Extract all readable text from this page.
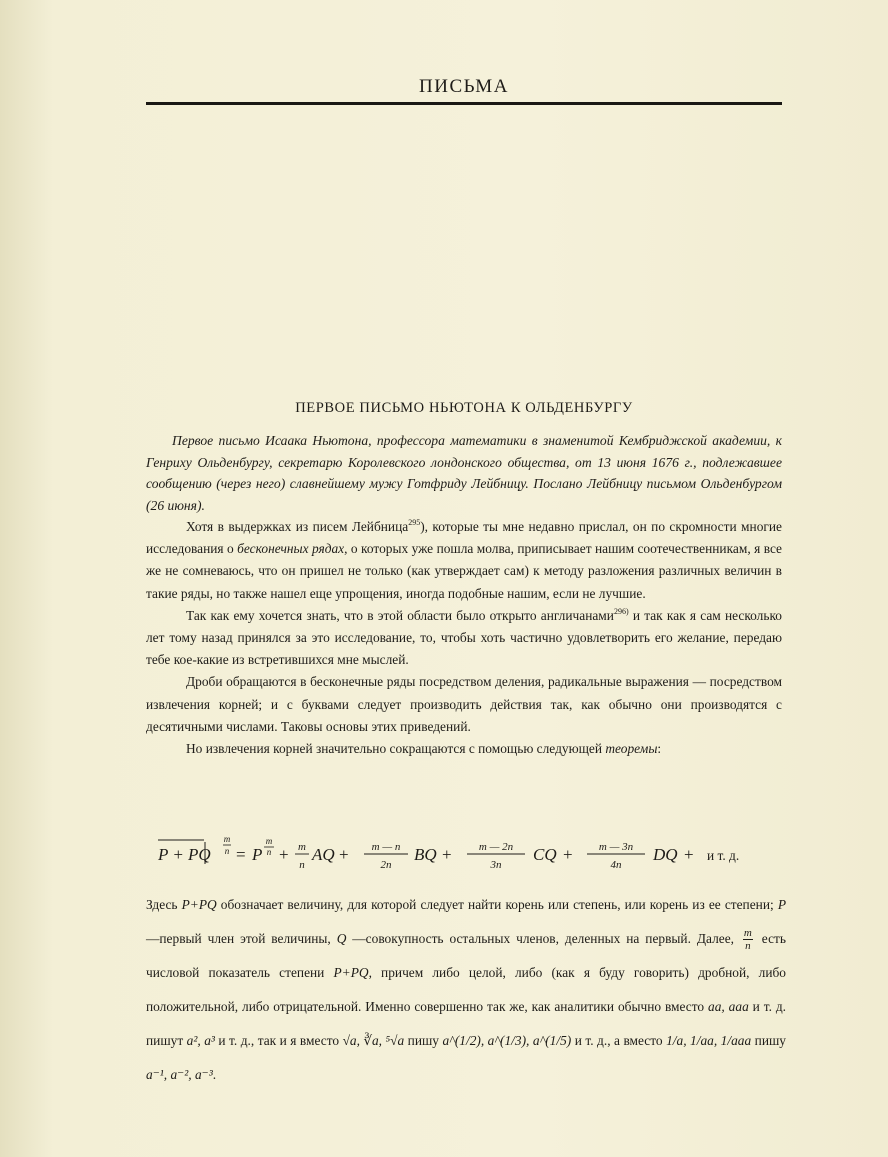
ПИСЬМА
ПЕРВОЕ ПИСЬМО НЬЮТОНА К ОЛЬДЕНБУРГУ
Первое письмо Исаака Ньютона, профессора математики в знаменитой Кембриджской академии, к Генриху Ольденбургу, секретарю Королевского лондонского общества, от 13 июня 1676 г., подлежавшее сообщению (через него) славнейшему мужу Готфриду Лейбницу. Послано Лейбницу письмом Ольденбургом (26 июня).

Хотя в выдержках из писем Лейбница$^{295}$), которые ты мне недавно прислал, он по скромности многие исследования о бесконечных рядах, о которых уже пошла молва, приписывает нашим соотечественникам, я все же не сомневаюсь, что он пришел не только (как утверждает сам) к методу разложения различных величин в такие ряды, но также нашел еще упрощения, иногда подобные нашим, если не лучшие.

Так как ему хочется знать, что в этой области было открыто англичанами$^{296)}$ и так как я сам несколько лет тому назад принялся за это исследование, то, чтобы хоть частично удовлетворить его желание, передаю тебе кое-какие из встретившихся мне мыслей.

Дроби обращаются в бесконечные ряды посредством деления, радикальные выражения — посредством извлечения корней; и с буквами следует производить действия так, как обычно они производятся с десятичными числами. Таковы основы этих приведений.

Но извлечения корней значительно сокращаются с помощью следующей теоремы:

P + PQ
m
n = P
m
n + m
n
AQ + m — n
2n
BQ + m — 2n
3n
CQ + m — 3n
4n
DQ + и т. д.

Здесь P+PQ обозначает величину, для которой следует найти корень или степень, или корень из ее степени; P—первый член этой величины, Q —совокупность остальных членов, деленных на первый. Далее, $\frac{m}{n}$ есть числовой показатель степени P+PQ, причем либо целой, либо (как я буду говорить) дробной, либо положительной, либо отрицательной. Именно совершенно так же, как аналитики обычно вместо aa, aaa и т. д. пишут a², a³ и т. д., так и я вместо √a, ∛a, ⁵√a пишу a^(1/2), a^(1/3), a^(1/5) и т. д., а вместо 1/a, 1/aa, 1/aaa пишу a⁻¹, a⁻², a⁻³.
